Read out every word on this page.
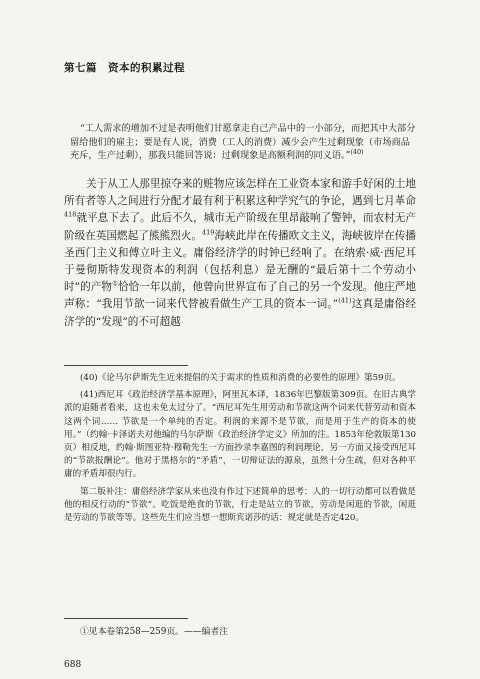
第七篇　资本的积累过程
“工人需求的增加不过是表明他们甘愿拿走自己产品中的一小部分，而把其中大部分留给他们的雇主；要是有人说，消费（工人的消费）减少会产生过剩现象（市场商品充斥，生产过剩），那我只能回答说：过剩现象是高额利润的同义语。”$^{(40)}$
关于从工人那里掠夺来的赃物应该怎样在工业资本家和游手好闲的土地所有者等人之间进行分配才最有利于积累这种学究气的争论，遇到七月革命$^{418}$就平息下去了。此后不久，城市无产阶级在里昂敲响了警钟，而农村无产阶级在英国燃起了熊熊烈火。$^{419}$海峡此岸在传播欧文主义，海峡彼岸在传播圣西门主义和傅立叶主义。庸俗经济学的时钟已经响了。在纳索·威·西尼耳于曼彻斯特发现资本的利润（包括利息）是无酬的“最后第十二个劳动小时”的产物①恰恰一年以前，他曾向世界宣布了自己的另一个发现。他庄严地声称：“我用节欲一词来代替被看做生产工具的资本一词。”$^{(41)}$这真是庸俗经济学的“发现”的不可超越

(40)《论马尔萨斯先生近来提倡的关于需求的性质和消费的必要性的原理》第59页。

(41)西尼耳《政治经济学基本原理》，阿里瓦本译，1836年巴黎版第309页。在旧古典学派的追随者看来，这也未免太过分了。“西尼耳先生用劳动和节欲这两个词来代替劳动和资本这两个词…… 节欲是一个单纯的否定。利润的来源不是节欲，而是用于生产的资本的使用。”（约翰·卡泽诺夫对他编的马尔萨斯《政治经济学定义》所加的注。1853年伦敦版第130页）相反地，约翰·斯图亚特·穆勒先生一方面抄录李嘉图的利润理论，另一方面又接受西尼耳的“节欲报酬论”。他对于黑格尔的“矛盾”，一切辩证法的源泉，虽然十分生疏，但对各种平庸的矛盾却很内行。

第二版补注：庸俗经济学家从来也没有作过下述简单的思考：人的一切行动都可以看做是他的相反行动的“节欲”。吃饭是绝食的节欲，行走是站立的节欲，劳动是闲逛的节欲，闲逛是劳动的节欲等等。这些先生们应当想一想斯宾诺莎的话：规定就是否定420。

①见本卷第258—259页。——编者注
688
